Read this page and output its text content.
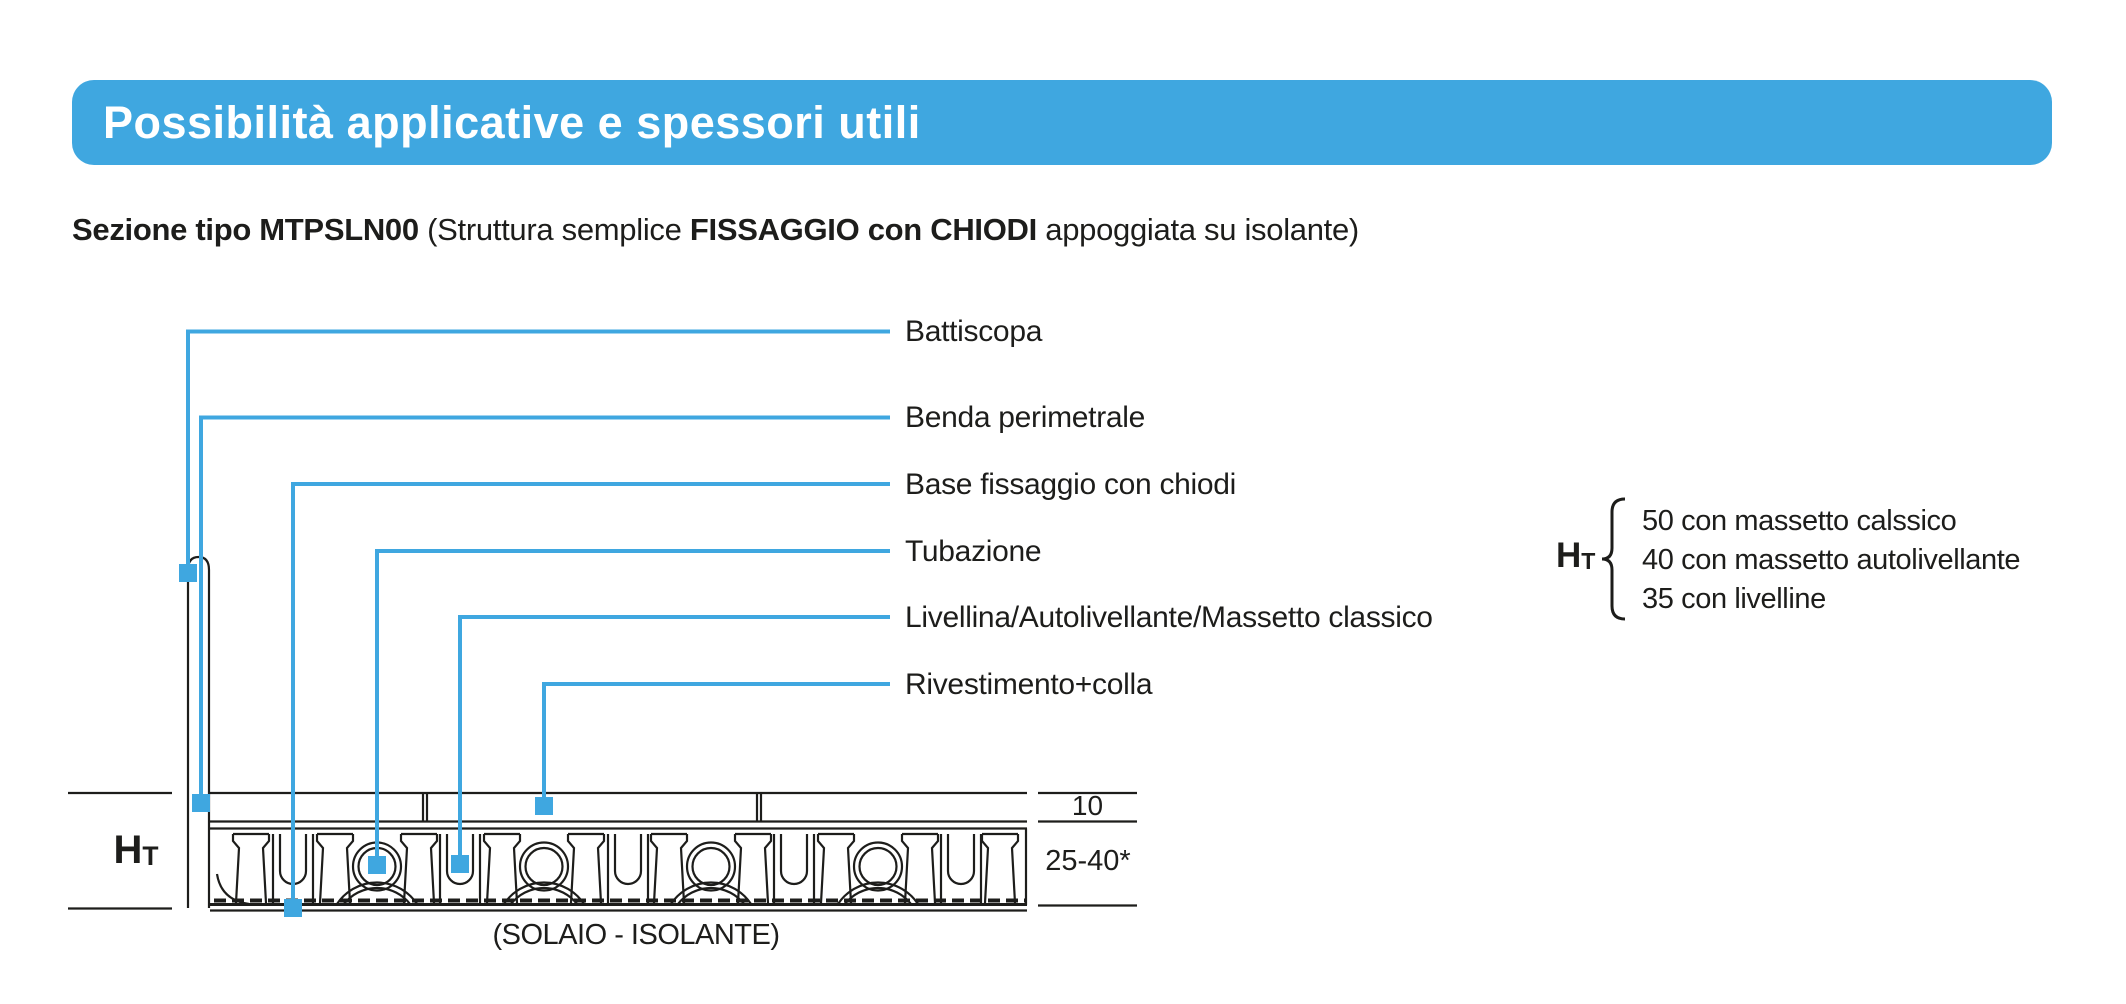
Possibilità applicative e spessori utili
Sezione tipo MTPSLN00 (Struttura semplice FISSAGGIO con CHIODI appoggiata su isolante)
Battiscopa
Benda perimetrale
Base fissaggio con chiodi
Tubazione
Livellina/Autolivellante/Massetto classico
Rivestimento+colla
HT
50 con massetto calssico
40 con massetto autolivellante
35 con livelline
HT
10
25-40*
(SOLAIO - ISOLANTE)
